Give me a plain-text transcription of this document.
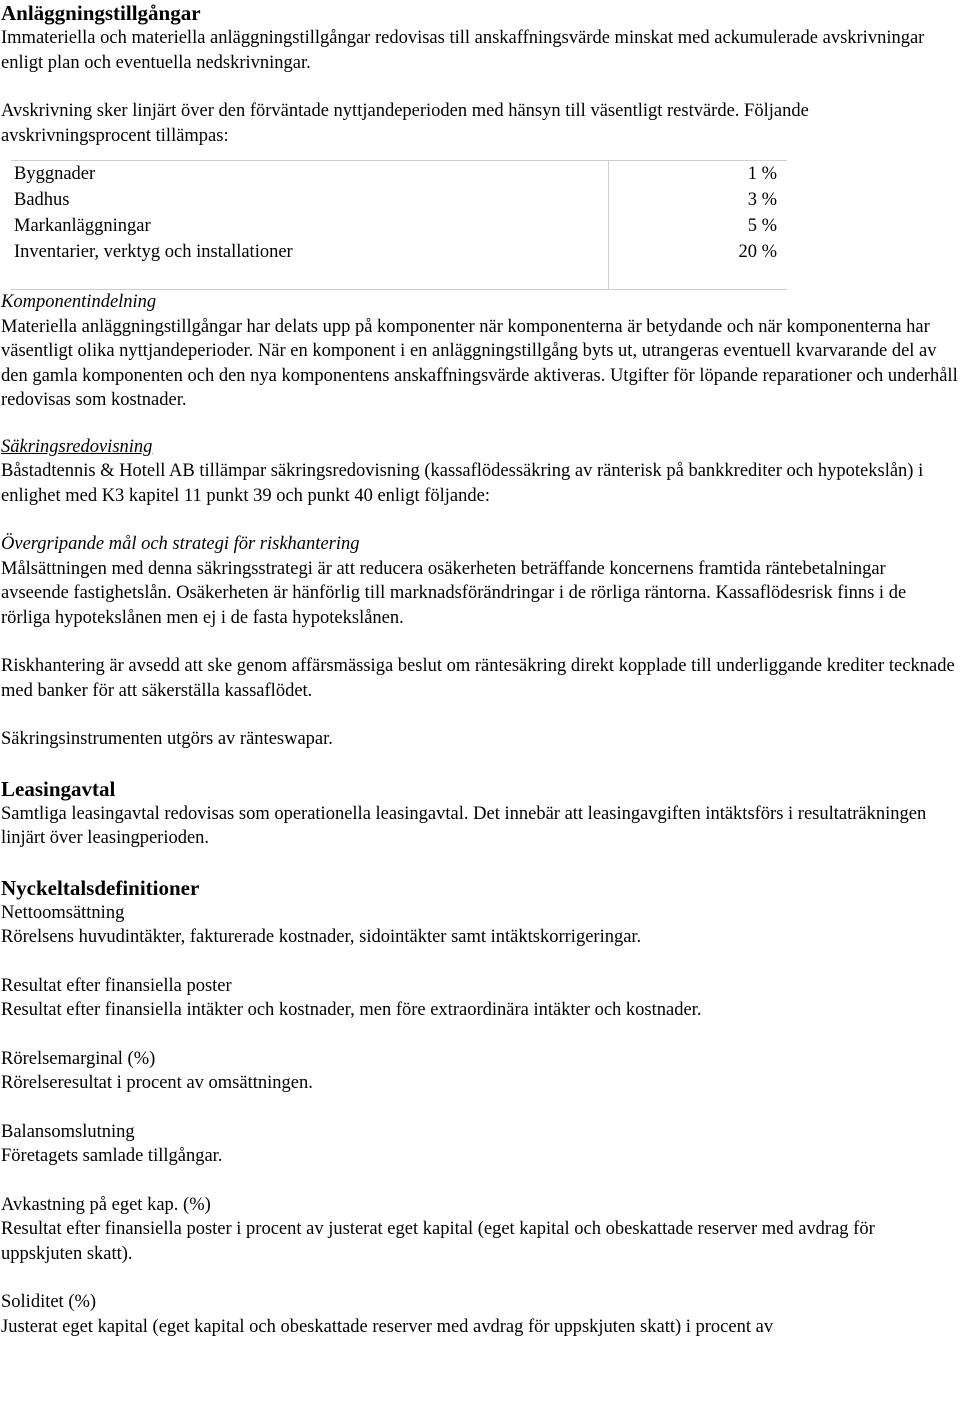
Anläggningstillgångar

Immateriella och materiella anläggningstillgångar redovisas till anskaffningsvärde minskat med ackumulerade avskrivningar enligt plan och eventuella nedskrivningar.

Avskrivning sker linjärt över den förväntade nyttjandeperioden med hänsyn till väsentligt restvärde. Följande avskrivningsprocent tillämpas:

Byggnader	1 %
Badhus	3 %
Markanläggningar	5 %
Inventarier, verktyg och installationer	20 %

Komponentindelning

Materiella anläggningstillgångar har delats upp på komponenter när komponenterna är betydande och när komponenterna har väsentligt olika nyttjandeperioder. När en komponent i en anläggningstillgång byts ut, utrangeras eventuell kvarvarande del av den gamla komponenten och den nya komponentens anskaffningsvärde aktiveras. Utgifter för löpande reparationer och underhåll redovisas som kostnader.

Säkringsredovisning

Båstadtennis & Hotell AB tillämpar säkringsredovisning (kassaflödessäkring av ränterisk på bankkrediter och hypotekslån) i enlighet med K3 kapitel 11 punkt 39 och punkt 40 enligt följande:

Övergripande mål och strategi för riskhantering

Målsättningen med denna säkringsstrategi är att reducera osäkerheten beträffande koncernens framtida räntebetalningar avseende fastighetslån. Osäkerheten är hänförlig till marknadsförändringar i de rörliga räntorna. Kassaflödesrisk finns i de rörliga hypotekslånen men ej i de fasta hypotekslånen.

Riskhantering är avsedd att ske genom affärsmässiga beslut om räntesäkring direkt kopplade till underliggande krediter tecknade med banker för att säkerställa kassaflödet.

Säkringsinstrumenten utgörs av ränteswapar.

Leasingavtal

Samtliga leasingavtal redovisas som operationella leasingavtal. Det innebär att leasingavgiften intäktsförs i resultaträkningen linjärt över leasingperioden.

Nyckeltalsdefinitioner

Nettoomsättning

Rörelsens huvudintäkter, fakturerade kostnader, sidointäkter samt intäktskorrigeringar.

Resultat efter finansiella poster

Resultat efter finansiella intäkter och kostnader, men före extraordinära intäkter och kostnader.

Rörelsemarginal (%)

Rörelseresultat i procent av omsättningen.

Balansomslutning

Företagets samlade tillgångar.

Avkastning på eget kap. (%)

Resultat efter finansiella poster i procent av justerat eget kapital (eget kapital och obeskattade reserver med avdrag för uppskjuten skatt).

Soliditet (%)

Justerat eget kapital (eget kapital och obeskattade reserver med avdrag för uppskjuten skatt) i procent av
